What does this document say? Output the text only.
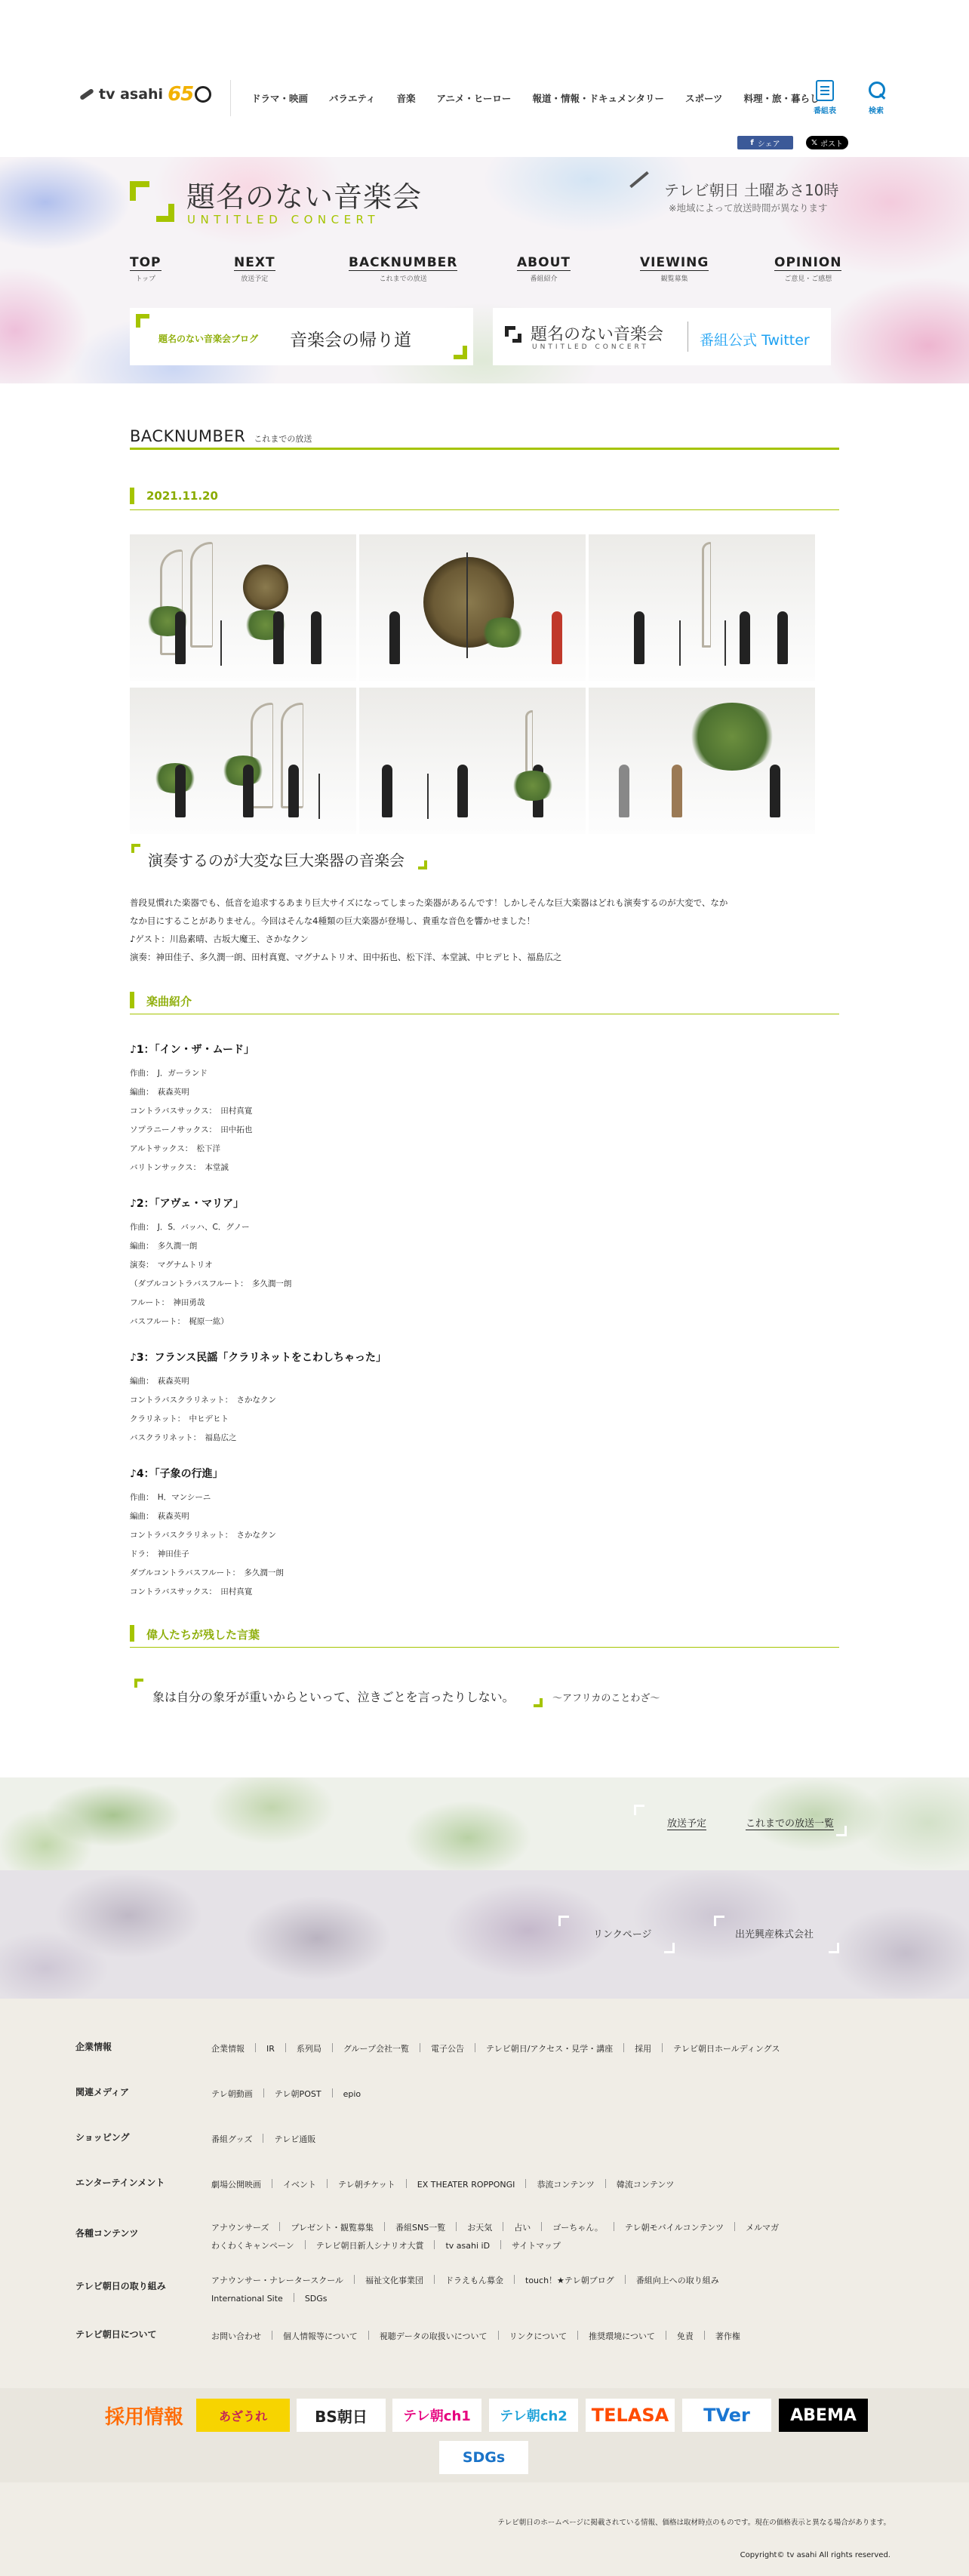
tv asahi 65	ドラマ・映画 バラエティ 音楽 アニメ・ヒーロー 報道・情報・ドキュメンタリー スポーツ 料理・旅・暮らし
番組表	検索
f シェア	𝕏 ポスト
題名のない音楽会
UNTITLED CONCERT
テレビ朝日 土曜あさ10時
※地域によって放送時間が異なります
TOP
トップ
NEXT
放送予定
BACKNUMBER
これまでの放送
ABOUT
番組紹介
VIEWING
観覧募集
OPINION
ご意見・ご感想
題名のない音楽会ブログ 音楽会の帰り道	題名のない音楽会
UNTITLED CONCERT	番組公式 Twitter
BACKNUMBER これまでの放送
2021.11.20
演奏するのが大変な巨大楽器の音楽会

普段見慣れた楽器でも、低音を追求するあまり巨大サイズになってしまった楽器があるんです！しかしそんな巨大楽器はどれも演奏するのが大変で、なか

なか目にすることがありません。今回はそんな4種類の巨大楽器が登場し、貴重な音色を響かせました！

♪ゲスト：川島素晴、古坂大魔王、さかなクン

演奏：神田佳子、多久潤一朗、田村真寛、マグナムトリオ、田中拓也、松下洋、本堂誠、中ヒデヒト、福島広之

楽曲紹介
♪1：「イン・ザ・ムード」
作曲：　J．ガーランド
編曲：　萩森英明
コントラバスサックス：　田村真寛
ソプラニーノサックス：　田中拓也
アルトサックス：　松下洋
バリトンサックス：　本堂誠
♪2：「アヴェ・マリア」
作曲：　J．S．バッハ、C．グノー
編曲：　多久潤一朗
演奏：　マグナムトリオ
（ダブルコントラバスフルート：　多久潤一朗
フルート：　神田勇哉
バスフルート：　梶原一紘）
♪3：フランス民謡「クラリネットをこわしちゃった」
編曲：　萩森英明
コントラバスクラリネット：　さかなクン
クラリネット：　中ヒデヒト
バスクラリネット：　福島広之
♪4：「子象の行進」
作曲：　H．マンシーニ
編曲：　萩森英明
コントラバスクラリネット：　さかなクン
ドラ：　神田佳子
ダブルコントラバスフルート：　多久潤一朗
コントラバスサックス：　田村真寛
偉人たちが残した言葉
象は自分の象牙が重いからといって、泣きごとを言ったりしない。	～アフリカのことわざ～
放送予定	これまでの放送一覧
リンクページ	出光興産株式会社
企業情報	企業情報	IR	系列局	グループ会社一覧	電子公告	テレビ朝日/アクセス・見学・講座	採用	テレビ朝日ホールディングス
関連メディア	テレ朝動画	テレ朝POST	epio
ショッピング	番組グッズ	テレビ通販
エンターテインメント	劇場公開映画	イベント	テレ朝チケット	EX THEATER ROPPONGI	恭流コンテンツ	韓流コンテンツ
各種コンテンツ
アナウンサーズ	プレゼント・観覧募集	番組SNS一覧	お天気	占い	ゴーちゃん。	テレ朝モバイルコンテンツ	メルマガ
わくわくキャンペーン	テレビ朝日新人シナリオ大賞	tv asahi iD	サイトマップ
テレビ朝日の取り組み
アナウンサー・ナレータースクール	福祉文化事業団	ドラえもん募金	touch！★テレ朝ブログ	番組向上への取り組み
International Site	SDGs
テレビ朝日について	お問い合わせ	個人情報等について	視聴データの取扱いについて	リンクについて	推奨環境について	免責	著作権
採用情報	あざうれ	BS朝日	テレ朝ch1	テレ朝ch2	TELASA	TVer	ABEMA
SDGs
テレビ朝日のホームページに掲載されている情報、価格は取材時点のものです。現在の価格表示と異なる場合があります。
Copyright© tv asahi All rights reserved.
